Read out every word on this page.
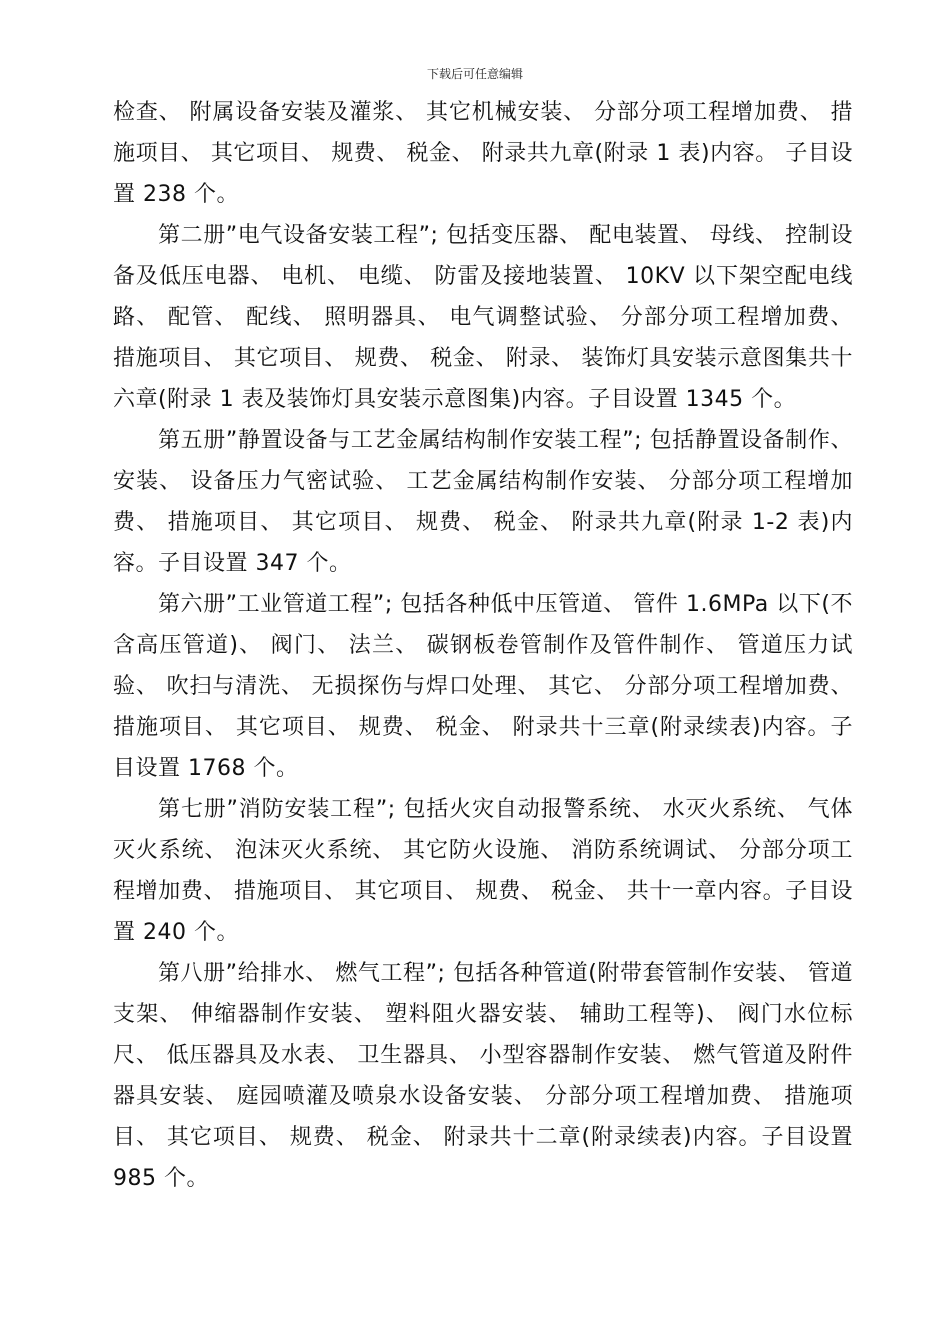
下载后可任意编辑

检查、 附属设备安装及灌浆、 其它机械安装、 分部分项工程增加费、 措施项目、 其它项目、 规费、 税金、 附录共九章(附录 1 表)内容。 子目设置 238 个。

第二册”电气设备安装工程”; 包括变压器、 配电装置、 母线、 控制设备及低压电器、 电机、 电缆、 防雷及接地装置、 10KV 以下架空配电线路、 配管、 配线、 照明器具、 电气调整试验、 分部分项工程增加费、 措施项目、 其它项目、 规费、 税金、 附录、 装饰灯具安装示意图集共十六章(附录 1 表及装饰灯具安装示意图集)内容。子目设置 1345 个。

第五册”静置设备与工艺金属结构制作安装工程”; 包括静置设备制作、 安装、 设备压力气密试验、 工艺金属结构制作安装、 分部分项工程增加费、 措施项目、 其它项目、 规费、 税金、 附录共九章(附录 1-2 表)内容。子目设置 347 个。

第六册”工业管道工程”; 包括各种低中压管道、 管件 1.6MPa 以下(不含高压管道)、 阀门、 法兰、 碳钢板卷管制作及管件制作、 管道压力试验、 吹扫与清洗、 无损探伤与焊口处理、 其它、 分部分项工程增加费、 措施项目、 其它项目、 规费、 税金、 附录共十三章(附录续表)内容。子目设置 1768 个。

第七册”消防安装工程”; 包括火灾自动报警系统、 水灭火系统、 气体灭火系统、 泡沫灭火系统、 其它防火设施、 消防系统调试、 分部分项工程增加费、 措施项目、 其它项目、 规费、 税金、 共十一章内容。子目设置 240 个。

第八册”给排水、 燃气工程”; 包括各种管道(附带套管制作安装、 管道支架、 伸缩器制作安装、 塑料阻火器安装、 辅助工程等)、 阀门水位标尺、 低压器具及水表、 卫生器具、 小型容器制作安装、 燃气管道及附件器具安装、 庭园喷灌及喷泉水设备安装、 分部分项工程增加费、 措施项目、 其它项目、 规费、 税金、 附录共十二章(附录续表)内容。子目设置 985 个。
